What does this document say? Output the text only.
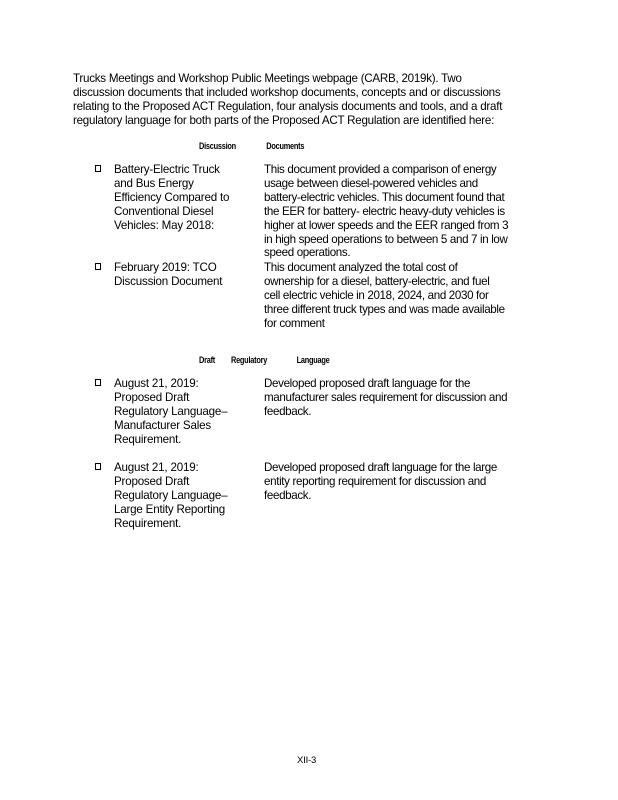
Trucks Meetings and Workshop Public Meetings webpage (CARB, 2019k). Two
discussion documents that included workshop documents, concepts and or discussions
relating to the Proposed ACT Regulation, four analysis documents and tools, and a draft
regulatory language for both parts of the Proposed ACT Regulation are identified here:
Discussion	Documents
Battery-Electric Truck
and Bus Energy
Efficiency Compared to
Conventional Diesel
Vehicles: May 2018:
This document provided a comparison of energy
usage between diesel-powered vehicles and
battery-electric vehicles. This document found that
the EER for battery- electric heavy-duty vehicles is
higher at lower speeds and the EER ranged from 3
in high speed operations to between 5 and 7 in low
speed operations.
February 2019: TCO
Discussion Document
This document analyzed the total cost of
ownership for a diesel, battery-electric, and fuel
cell electric vehicle in 2018, 2024, and 2030 for
three different truck types and was made available
for comment
Draft Regulatory	Language
August 21, 2019:
Proposed Draft
Regulatory Language–
Manufacturer Sales
Requirement.
Developed proposed draft language for the
manufacturer sales requirement for discussion and
feedback.
August 21, 2019:
Proposed Draft
Regulatory Language–
Large Entity Reporting
Requirement.
Developed proposed draft language for the large
entity reporting requirement for discussion and
feedback.
XII-3
